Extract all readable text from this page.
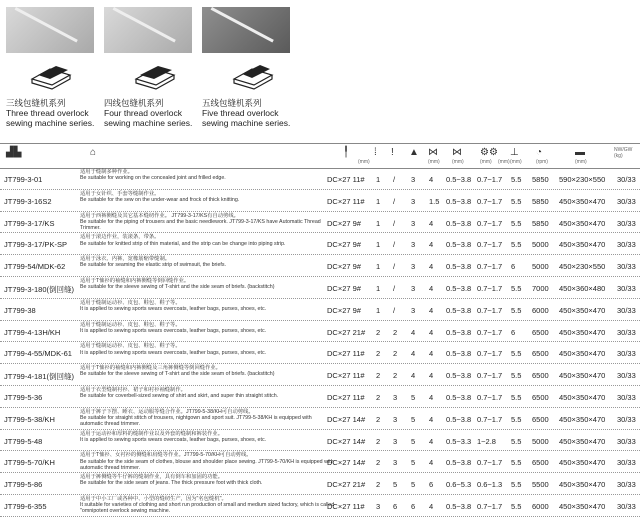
三线包缝机系列
Three thread overlock
sewing machine series.
四线包缝机系列
Four thread overlock
sewing machine series.
五线包缝机系列
Five thread overlock
sewing machine series.
▟▙	⌂	╿ ⁞ ǃ ▲ ⋈ ⋈ ⚙⚙ ⊥ ◔	▬
(mm)	(mm) (mm)	(mm) (mm) (mm)	(rpm)	(mm)
NW/GW (kg)
JT799-3-01
适用于缝制多种作业。
Be suitable for working on the concealed joint and frilled edge.	DC×27 11# 1 / 3 4 0.5~3.8 0.7~1.7 5.5 5850 590×230×550 30/33
JT799-3-16S2
适用于女针织、手套等缝制作业。
Be suitable for the sew on the under-wear and frock of thick knitting.	DC×27 11# 1 / 3 1.5 0.5~3.8 0.7~1.7 5.5 5850 450×350×470 30/33
JT799-3-17/KS
适用于西裤侧缝及其它基本缝纫作业。 JT799-3-17/KS有自动剪线。
Be suitable for the piping of trousers and the basic needlework. JT799-3-17/KS have Automatic Thread Trimmer.
DC×27 9# 1 / 3 4 0.5~3.8 0.7~1.7 5.5 5850 450×350×470 30/33
JT799-3-17/PK-SP
适用于滚边作业，装滚条，带条。
Be suitable for knitted strip of thin material, and the strip can be change into piping strip.	DC×27 9# 1 / 3 4 0.5~3.8 0.7~1.7 5.5 5000 450×350×470 30/33
JT799-54/MDK-62
适用于泳衣、内裤，宽橡筋缩带缝制。
Be suitable for seaming the elastic strip of swimsuit, the briefs.	DC×27 9# 1 / 3 4 0.5~3.8 0.7~1.7 6 5000 450×230×550 30/33
JT799-3-180(倒回缝)
适用于T恤衫的袖缝和内裤侧缝等倒回缝作业。
Be suitable for the sleeve sewing of T-shirt and the side seam of briefs. (backstitch)	DC×27 9# 1 / 3 4 0.5~3.8 0.7~1.7 5.5 7000 450×360×480 30/33
JT799-38
适用于缝制运动衫、皮包、鞋包、鞋子等。
It is applied to sewing sports wears overcoats, leather bags, purses, shoes, etc.	DC×27 9# 1 / 3 4 0.5~3.8 0.7~1.7 5.5 6000 450×350×470 30/33
JT799-4-13H/KH
适用于缝制运动衫、皮包、鞋包、鞋子等。
It is applied to sewing sports wears overcoats, leather bags, purses, shoes, etc.	DC×27 21# 2 2 4 4 0.5~3.8 0.7~1.7 6 6500 450×350×470 30/33
JT799-4-55/MDK-61
适用于缝制运动衫、皮包、鞋包、鞋子等。
It is applied to sewing sports wears overcoats, leather bags, purses, shoes, etc.	DC×27 11# 2 2 4 4 0.5~3.8 0.7~1.7 5.5 6500 450×350×470 30/33
JT799-4-181(倒回缝)
适用于T恤衫的袖缝和内裤侧缝及三角裤侧缝等倒回缝作业。
Be suitable for the sleeve sewing of T-shirt and the side seam of briefs. (backstitch)	DC×27 11# 2 2 4 4 0.5~3.8 0.7~1.7 5.5 6500 450×350×470 30/33
JT799-5-36
适用于衣型缝制衬衫、裙子和衬衫袖缝制作。
Be suitable for coverbell-sized sewing of shirt and skirt, and super thin straight stitch.	DC×27 11# 2 3 5 4 0.5~3.8 0.7~1.7 5.5 6500 450×350×470 30/33
JT799-5-38/KH
适用于裤子下摆、睡衣、运动服等缝合作业。JT799-5-38/KH可自动剪线。
Be suitable for straight stitch of trousers, nightgown and sport suit. JT799-5-38/KH is equipped with automatic thread trimmer.
DC×27 14# 2 3 5 4 0.5~3.8 0.7~1.7 5.5 6500 450×350×470 30/33
JT799-5-48
适用于运动衫和厚料的缝制作业以及外套的缝制和裤装作业。
It is applied to sewing sports wears overcoats, leather bags, purses, shoes, etc.	DC×27 14# 2 3 5 4 0.5~3.3 1~2.8 5.5 5000 450×350×470 30/33
JT799-5-70/KH
适用于T恤衫、女衬衫的侧缝和肩缝等作业。JT799-5-70/KH可自动剪线。
Be suitable for the side seam of clothes, blouse and shoulder place sewing. JT799-5-70/KH is equipped with automatic thread trimmer.
DC×27 14# 2 3 5 4 0.5~3.8 0.7~1.7 5.5 6500 450×350×470 30/33
JT799-5-86
适用于裤侧缝等牛仔裤的缝制作业，具有倒车和加固的功能。
Be suitable for the side seam of jeans. The thick pressure foot with thick cloth.	DC×27 21# 2 5 5 6 0.6~5.3 0.6~1.3 5.5 5500 450×350×470 30/33
JT799-6-355
适用于中小工厂或各种中、小型的缝纫生产，因为"名包缝机"。
It suitable for varieties of clothing and short run production of small and medium sized factory, which is called "omnipotent overlock sewing machine.
DC×27 11# 3 6 6 4 0.5~3.8 0.7~1.7 5.5 6000 450×350×470 30/33
